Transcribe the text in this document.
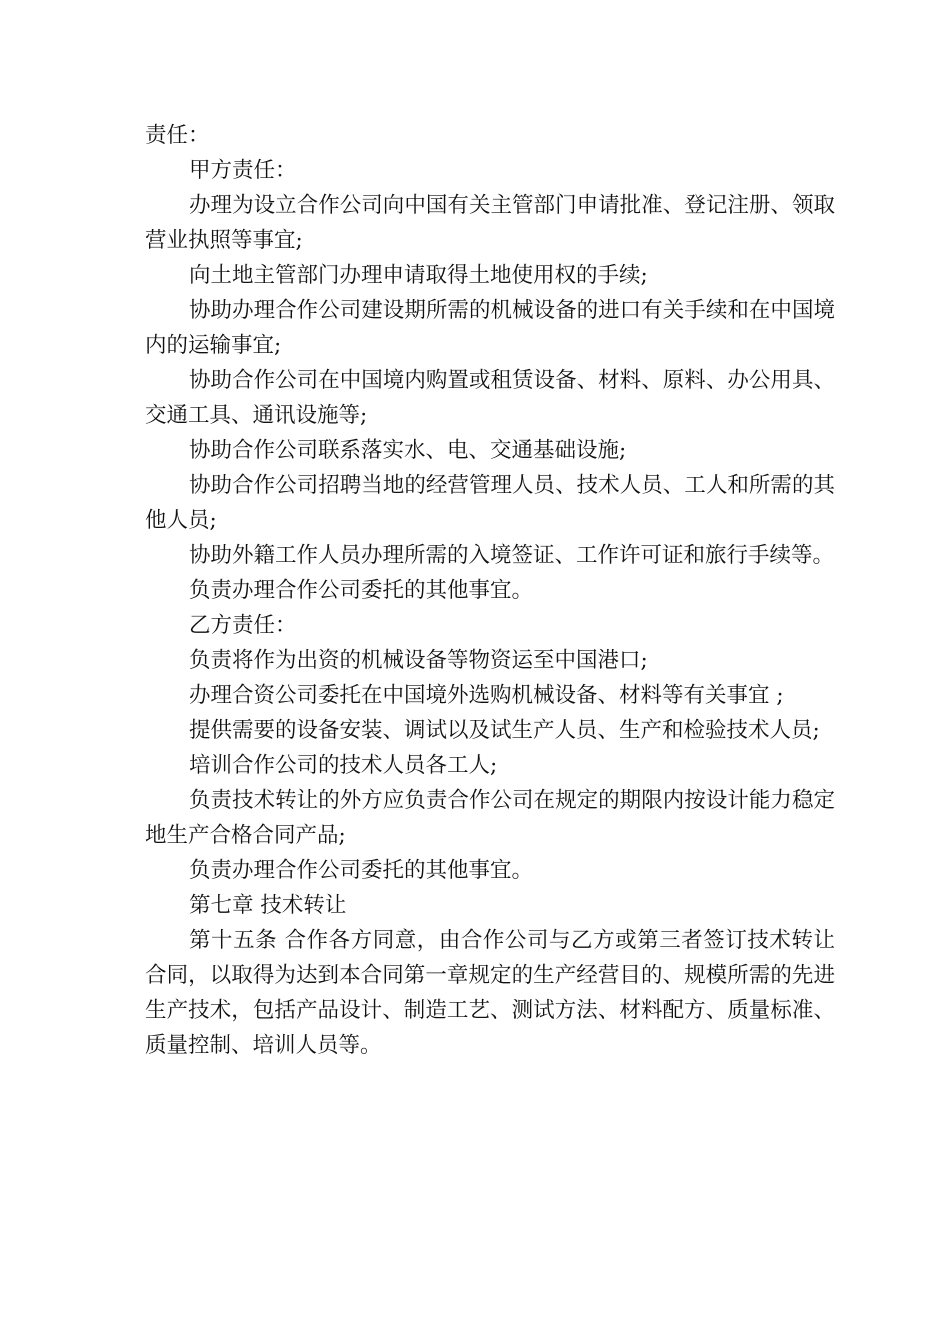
责任：

甲方责任：

办理为设立合作公司向中国有关主管部门申请批准、登记注册、领取营业执照等事宜;

向土地主管部门办理申请取得土地使用权的手续;

协助办理合作公司建设期所需的机械设备的进口有关手续和在中国境内的运输事宜;

协助合作公司在中国境内购置或租赁设备、材料、原料、办公用具、交通工具、通讯设施等;

协助合作公司联系落实水、电、交通基础设施;

协助合作公司招聘当地的经营管理人员、技术人员、工人和所需的其他人员;

协助外籍工作人员办理所需的入境签证、工作许可证和旅行手续等。

负责办理合作公司委托的其他事宜。

乙方责任：

负责将作为出资的机械设备等物资运至中国港口;

办理合资公司委托在中国境外选购机械设备、材料等有关事宜 ;

提供需要的设备安装、调试以及试生产人员、生产和检验技术人员;

培训合作公司的技术人员各工人;

负责技术转让的外方应负责合作公司在规定的期限内按设计能力稳定地生产合格合同产品;

负责办理合作公司委托的其他事宜。

第七章 技术转让

第十五条 合作各方同意，由合作公司与乙方或第三者签订技术转让合同，以取得为达到本合同第一章规定的生产经营目的、规模所需的先进生产技术，包括产品设计、制造工艺、测试方法、材料配方、质量标准、质量控制、培训人员等。
